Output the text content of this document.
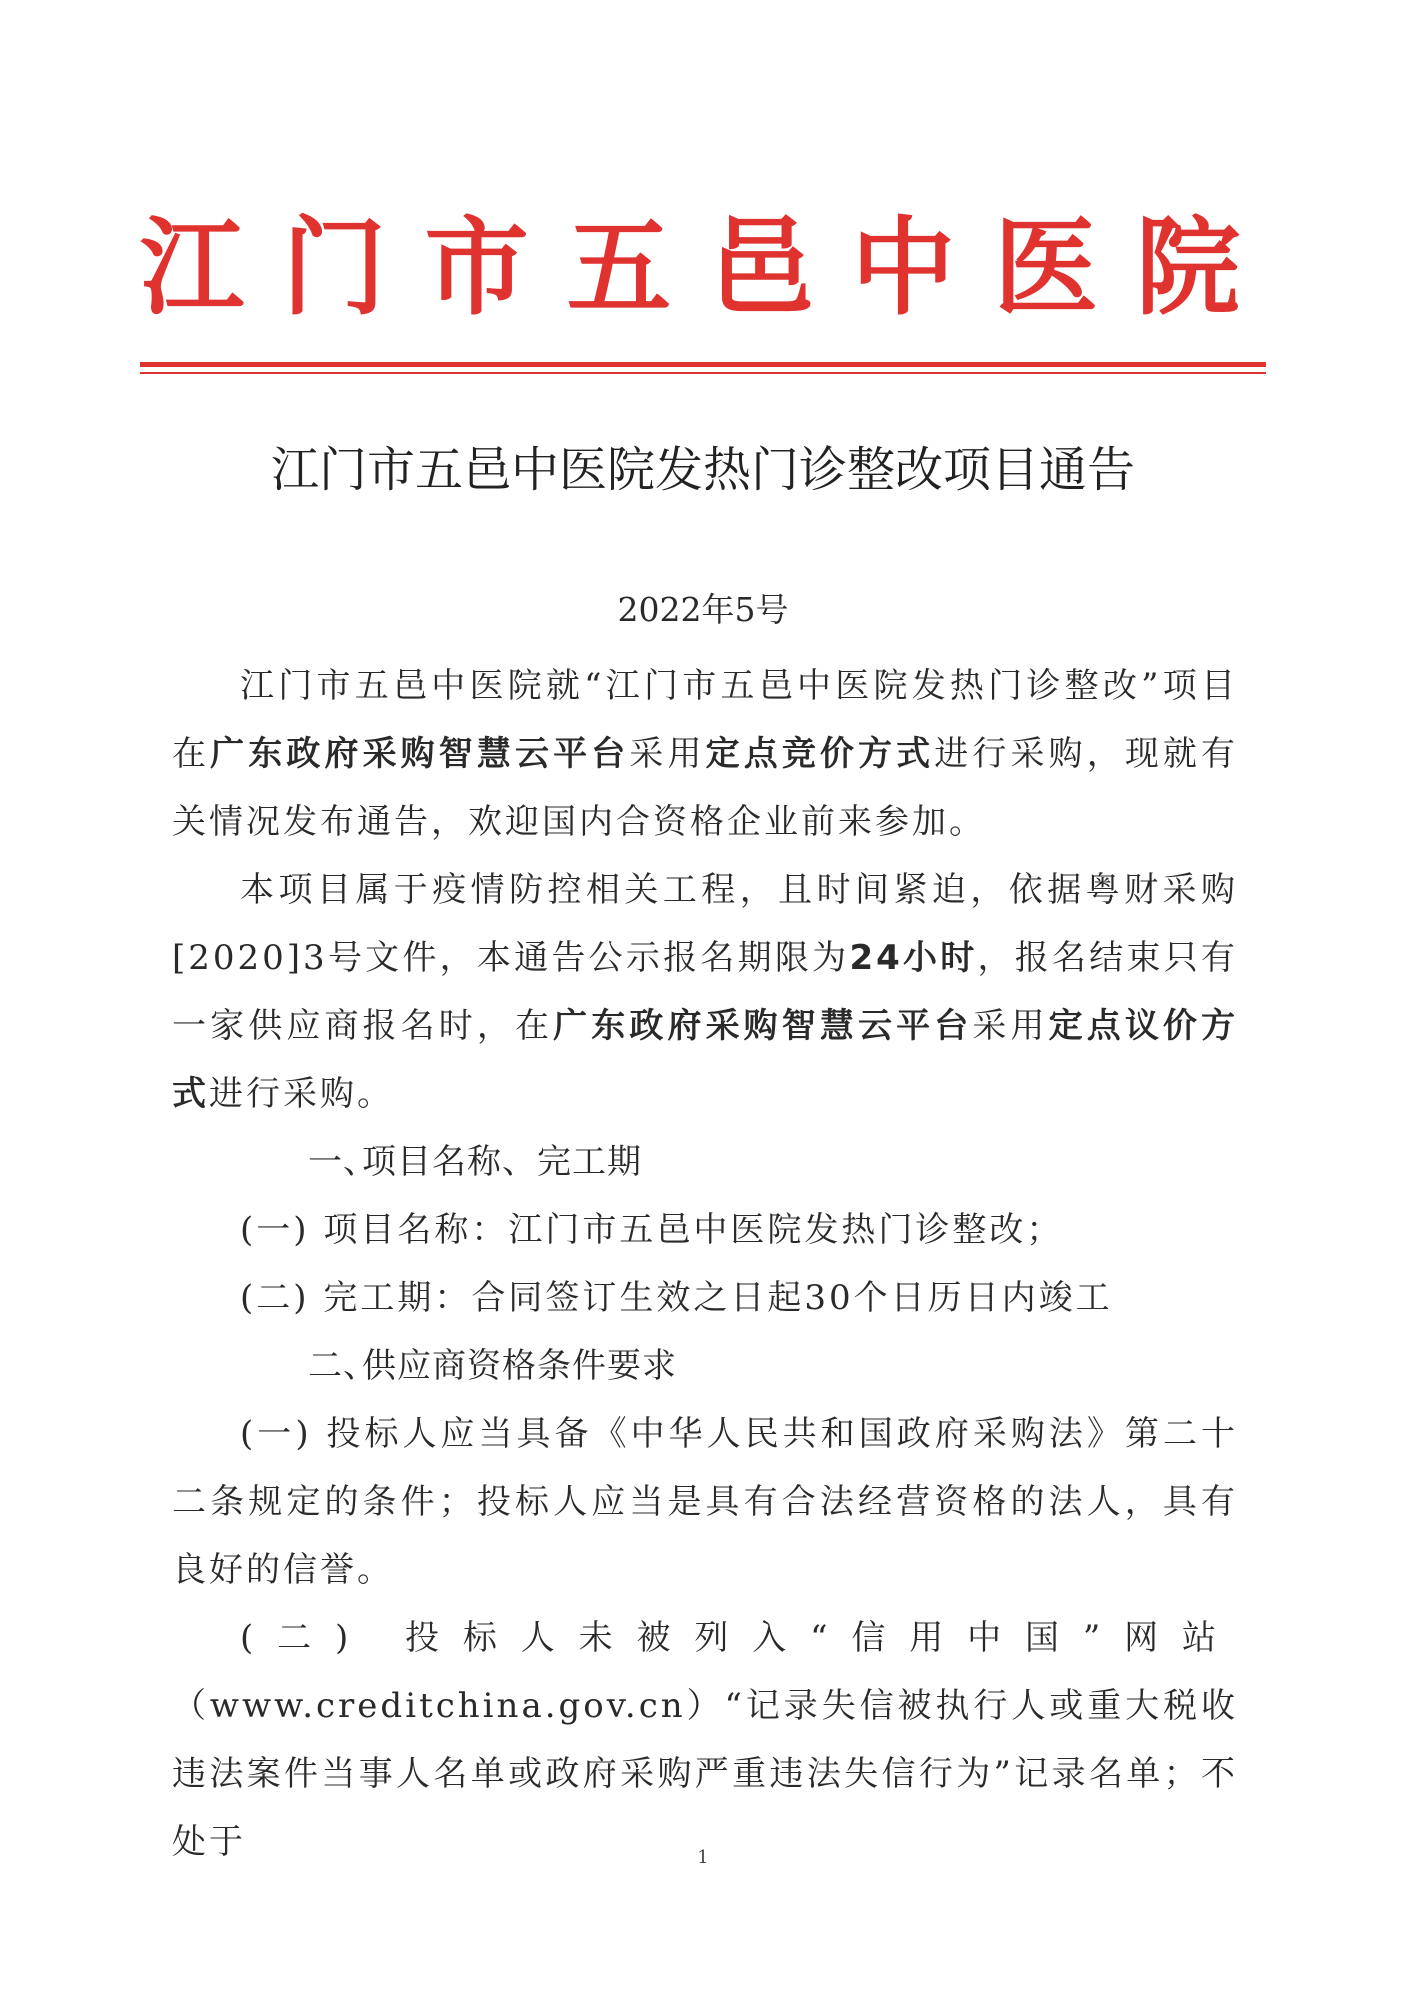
江 门 市 五 邑 中 医 院
江门市五邑中医院发热门诊整改项目通告
2022年5号

江门市五邑中医院就“江门市五邑中医院发热门诊整改”项目在广东政府采购智慧云平台采用定点竞价方式进行采购，现就有关情况发布通告，欢迎国内合资格企业前来参加。

本项目属于疫情防控相关工程，且时间紧迫，依据粤财采购[2020]3号文件，本通告公示报名期限为24小时，报名结束只有一家供应商报名时，在广东政府采购智慧云平台采用定点议价方式进行采购。

一、项目名称、完工期

(一) 项目名称：江门市五邑中医院发热门诊整改；

(二) 完工期：合同签订生效之日起30个日历日内竣工

二、供应商资格条件要求

(一) 投标人应当具备《中华人民共和国政府采购法》第二十二条规定的条件；投标人应当是具有合法经营资格的法人，具有良好的信誉。

(二) 投标人未被列入“信用中国”网站（www.creditchina.gov.cn）“记录失信被执行人或重大税收违法案件当事人名单或政府采购严重违法失信行为”记录名单；不处于	1
